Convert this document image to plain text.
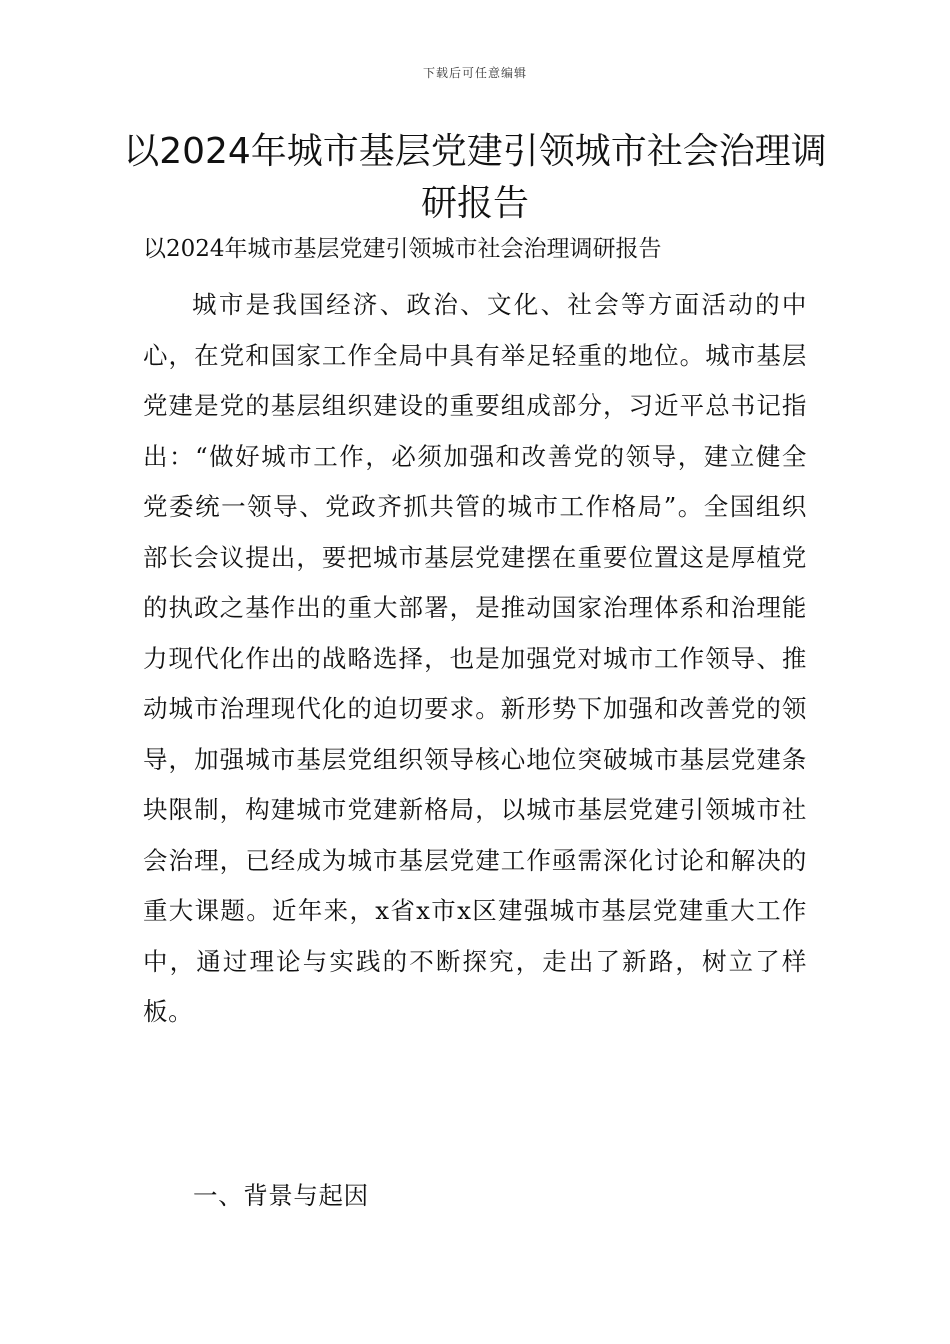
下载后可任意编辑
以2024年城市基层党建引领城市社会治理调研报告
以2024年城市基层党建引领城市社会治理调研报告

城市是我国经济、政治、文化、社会等方面活动的中心，在党和国家工作全局中具有举足轻重的地位。城市基层党建是党的基层组织建设的重要组成部分，习近平总书记指出：“做好城市工作，必须加强和改善党的领导，建立健全党委统一领导、党政齐抓共管的城市工作格局”。全国组织部长会议提出，要把城市基层党建摆在重要位置这是厚植党的执政之基作出的重大部署，是推动国家治理体系和治理能力现代化作出的战略选择，也是加强党对城市工作领导、推动城市治理现代化的迫切要求。新形势下加强和改善党的领导，加强城市基层党组织领导核心地位突破城市基层党建条块限制，构建城市党建新格局，以城市基层党建引领城市社会治理，已经成为城市基层党建工作亟需深化讨论和解决的重大课题。近年来，x省x市x区建强城市基层党建重大工作中，通过理论与实践的不断探究，走出了新路，树立了样板。

一、背景与起因
